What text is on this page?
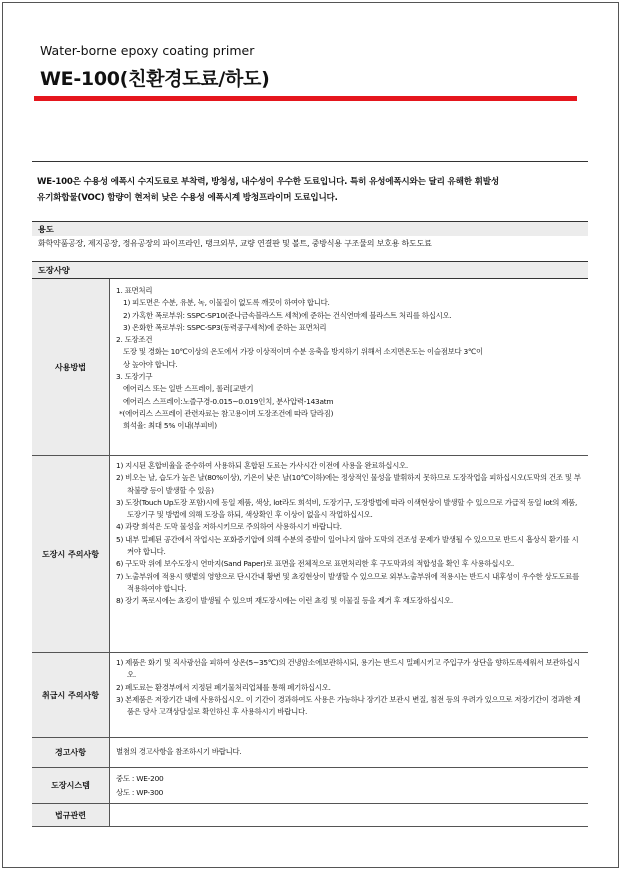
Water-borne epoxy coating primer
WE-100(친환경도료/하도)
WE-100은 수용성 에폭시 수지도료로 부착력, 방청성, 내수성이 우수한 도료입니다. 특히 유성에폭시와는 달리 유해한 휘발성
유기화합물(VOC) 함량이 현저히 낮은 수용성 에폭시계 방청프라이머 도료입니다.
용도
화학약품공장, 제지공장, 정유공장의 파이프라인, 탱크외부, 교량 연결판 및 볼트, 중방식용 구조물의 보호용 하도도료
도장사양
사용방법
1. 표면처리
1) 피도면은 수분, 유분, 녹, 이물질이 없도록 깨끗이 하여야 합니다.
2) 가혹한 폭로부위: SSPC-SP10(준나금속블라스트 세척)에 준하는 건식연마제 블라스트 처리를 하십시오.
3) 온화한 폭로부위: SSPC-SP3(동력공구세척)에 준하는 표면처리
2. 도장조건
도장 및 경화는 10℃이상의 온도에서 가장 이상적이며 수분 응축을 방지하기 위해서 소지면온도는 이슬점보다 3℃이
상 높아야 합니다.
3. 도장기구
에어리스 또는 일반 스프레이, 롤러[교반기
에어리스 스프레이:노즐구경-0.015~0.019인치, 분사압력-143atm
*(에어리스 스프레이 관련자료는 참고용이며 도장조건에 따라 달라짐)
희석율: 최대 5% 이내(부피비)
도장시 주의사항
1) 지시된 혼합비율을 준수하여 사용하되 혼합된 도료는 가사시간 이전에 사용을 완료하십시오.
2) 비오는 날, 습도가 높은 날(80%이상), 기온이 낮은 날(10℃이하)에는 정상적인 물성을 발휘하지 못하므로 도장작업을 피하십시오(도막의 건조 및 부착불량 등이 발생할 수 있음)
3) 도장(Touch Up도장 포함)시에 동일 제품, 색상, lot라도 희석비, 도장기구, 도장방법에 따라 이색현상이 발생할 수 있으므로 가급적 동일 lot의 제품, 도장기구 및 방법에 의해 도장을 하되, 색상확인 후 이상이 없을시 작업하십시오.
4) 과량 희석은 도막 물성을 저하시키므로 주의하여 사용하시기 바랍니다.
5) 내부 밀폐된 공간에서 작업시는 포화증기압에 의해 수분의 증발이 일어나지 않아 도막의 건조성 문제가 발생될 수 있으므로 반드시 흡상식 환기를 시켜야 합니다.
6) 구도막 위에 보수도장시 연마지(Sand Paper)로 표면을 전체적으로 표면처리한 후 구도막과의 적합성을 확인 후 사용하십시오.
7) 노출부위에 적용시 햇볕의 영향으로 단시간내 황변 및 쵸킹현상이 발생할 수 있으므로 외부노출부위에 적용시는 반드시 내후성이 우수한 상도도료를 적용하여야 합니다.
8) 장기 폭로시에는 쵸킹이 발생될 수 있으며 재도장시에는 이런 쵸킹 및 이물질 등을 제거 후 재도장하십시오.
취급시 주의사항
1) 제품은 화기 및 직사광선을 피하여 상온(5~35℃)의 건냉암소에보관하시되, 용기는 반드시 밀폐시키고 주입구가 상단을 향하도록세워서 보관하십시오.
2) 폐도료는 환경부에서 지정된 폐기물처리업체를 통해 폐기하십시오.
3) 본제품은 저장기간 내에 사용하십시오. 이 기간이 경과하여도 사용은 가능하나 장기간 보관시 변질, 침전 등의 우려가 있으므로 저장기간이 경과한 제품은 당사 고객상담실로 확인하신 후 사용하시기 바랍니다.
경고사항	별첨의 경고사항을 참조하시기 바랍니다.
도장시스템
중도 : WE-200
상도 : WP-300
법규관련
